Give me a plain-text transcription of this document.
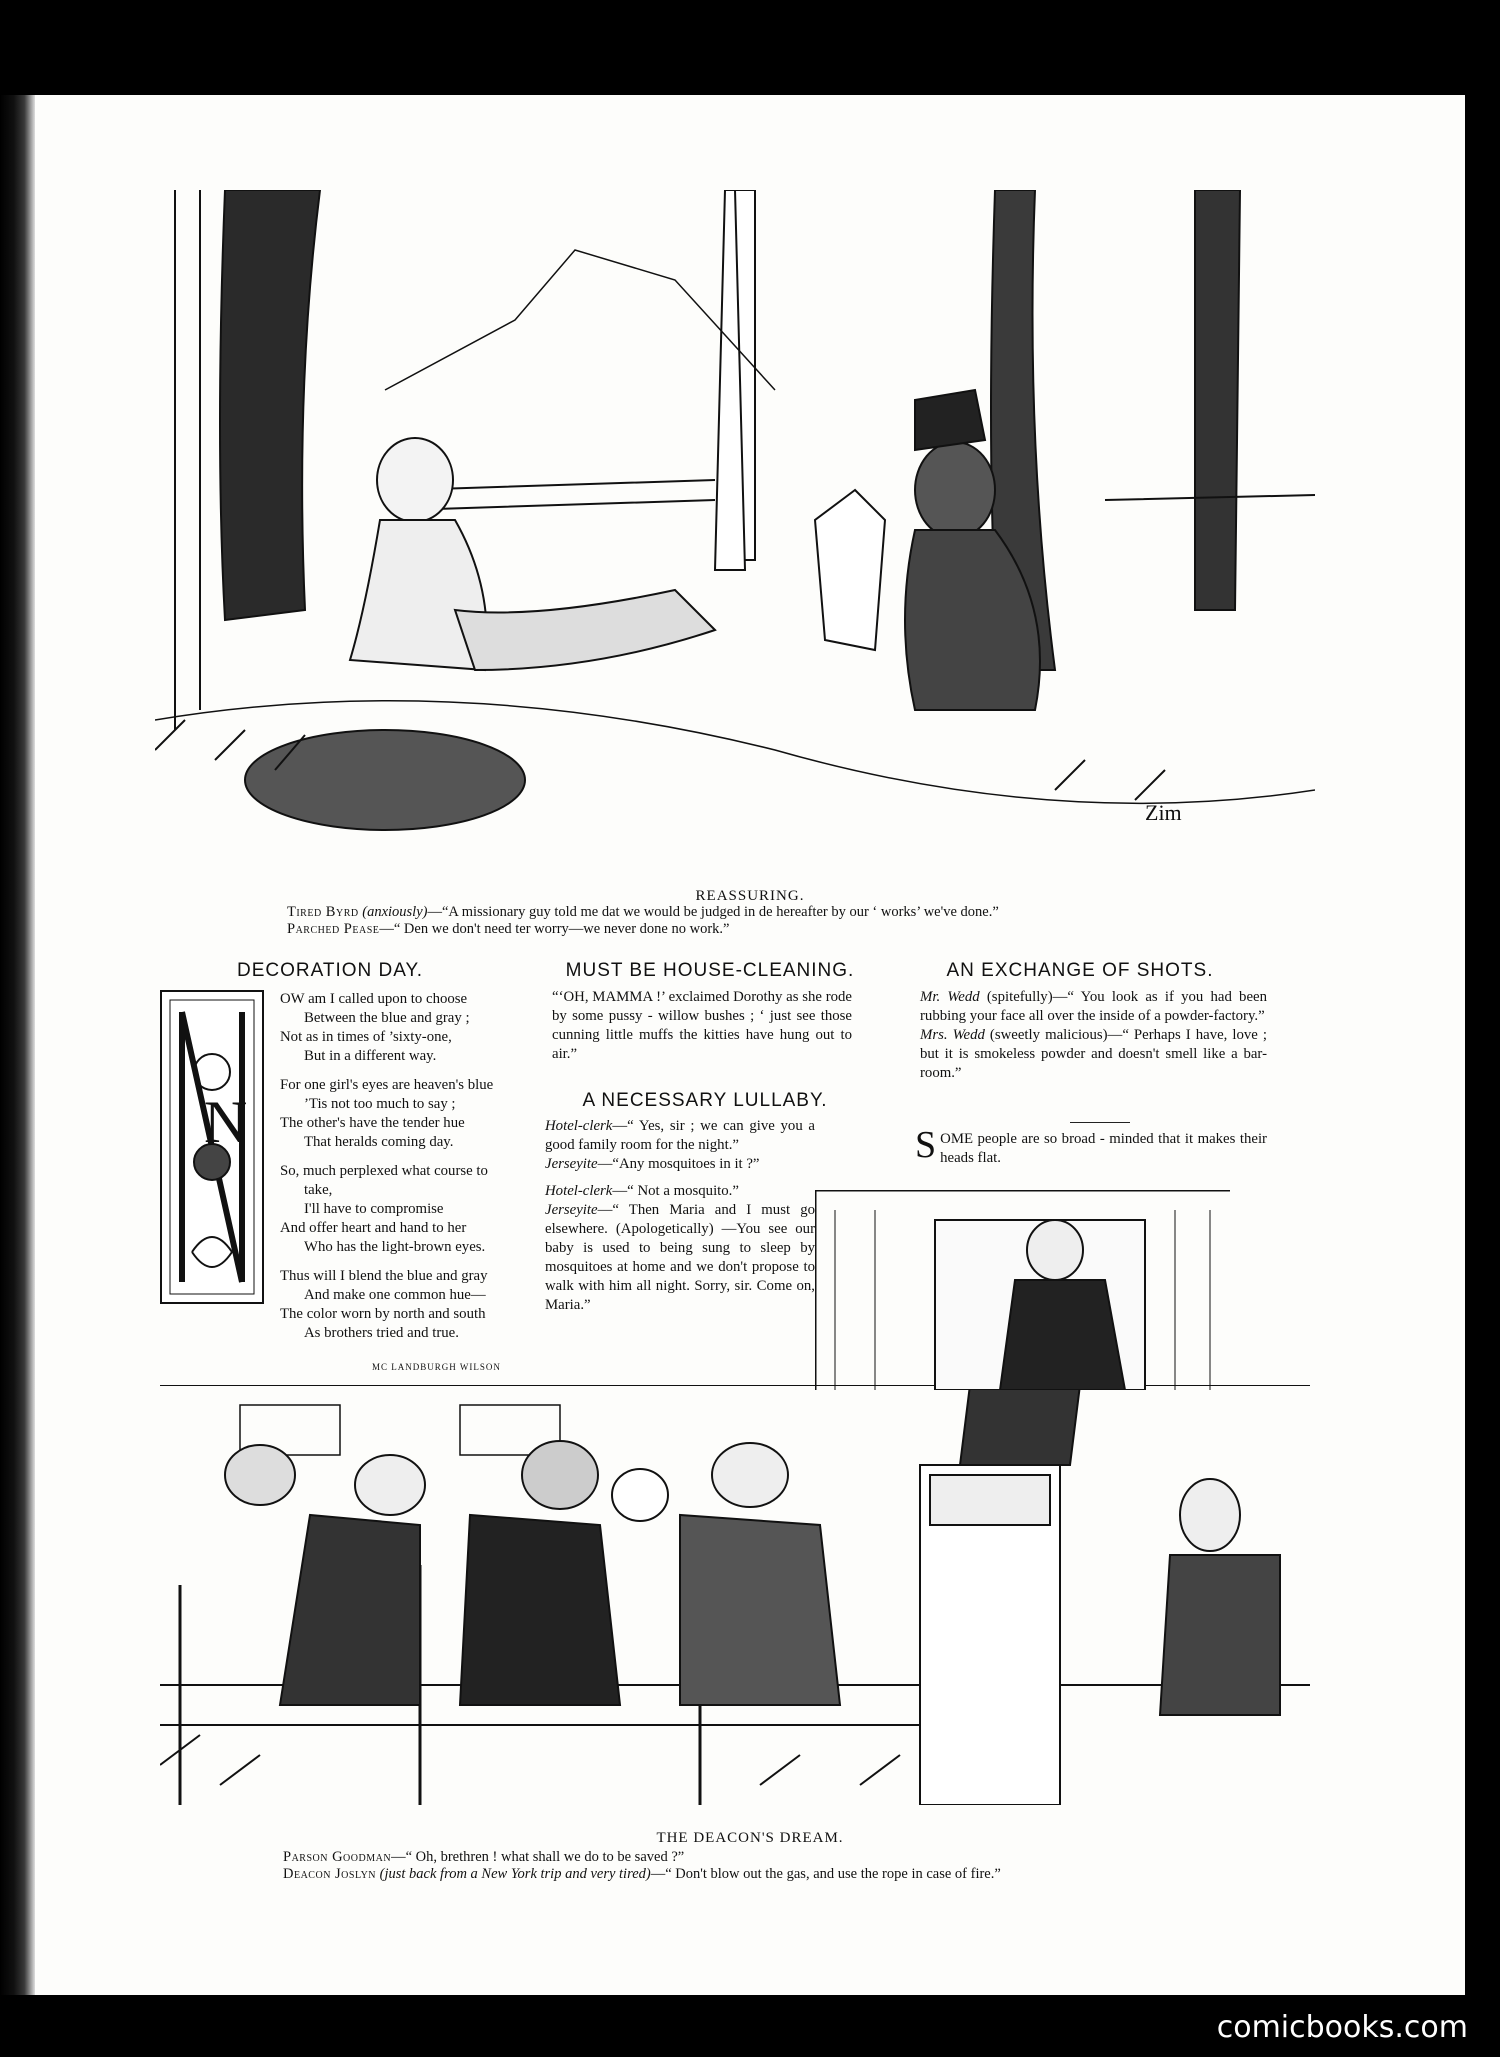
Zim
REASSURING.
Tired Byrd (anxiously)—“A missionary guy told me dat we would be judged in de hereafter by our ‘ works’ we've done.”
Parched Pease—“ Den we don't need ter worry—we never done no work.”
DECORATION DAY.
N

OW am I called upon to choose

Between the blue and gray ;

Not as in times of ’sixty-one,

But in a different way.

For one girl's eyes are heaven's blue

’Tis not too much to say ;

The other's have the tender hue

That heralds coming day.

So, much perplexed what course to

take,

I'll have to compromise

And offer heart and hand to her

Who has the light-brown eyes.

Thus will I blend the blue and gray

And make one common hue—

The color worn by north and south

As brothers tried and true.

MC LANDBURGH WILSON
MUST BE HOUSE-CLEANING.
“‘OH, MAMMA !’ exclaimed Dorothy as she rode by some pussy - willow bushes ; ‘ just see those cunning little muffs the kitties have hung out to air.”
A NECESSARY LULLABY.

Hotel-clerk—“ Yes, sir ; we can give you a good family room for the night.”

Jerseyite—“Any mosquitoes in it ?”

Hotel-clerk—“ Not a mosquito.”

Jerseyite—“ Then Maria and I must go elsewhere. (Apologetically) —You see our baby is used to being sung to sleep by mosquitoes at home and we don't propose to walk with him all night. Sorry, sir. Come on, Maria.”

AN EXCHANGE OF SHOTS.

Mr. Wedd (spitefully)—“ You look as if you had been rubbing your face all over the inside of a powder-factory.”

Mrs. Wedd (sweetly malicious)—“ Perhaps I have, love ; but it is smokeless powder and doesn't smell like a bar-room.”

SOME people are so broad - minded that it makes their heads flat.
THE DEACON'S DREAM.
Parson Goodman—“ Oh, brethren ! what shall we do to be saved ?”
Deacon Joslyn (just back from a New York trip and very tired)—“ Don't blow out the gas, and use the rope in case of fire.”
comicbooks.com
